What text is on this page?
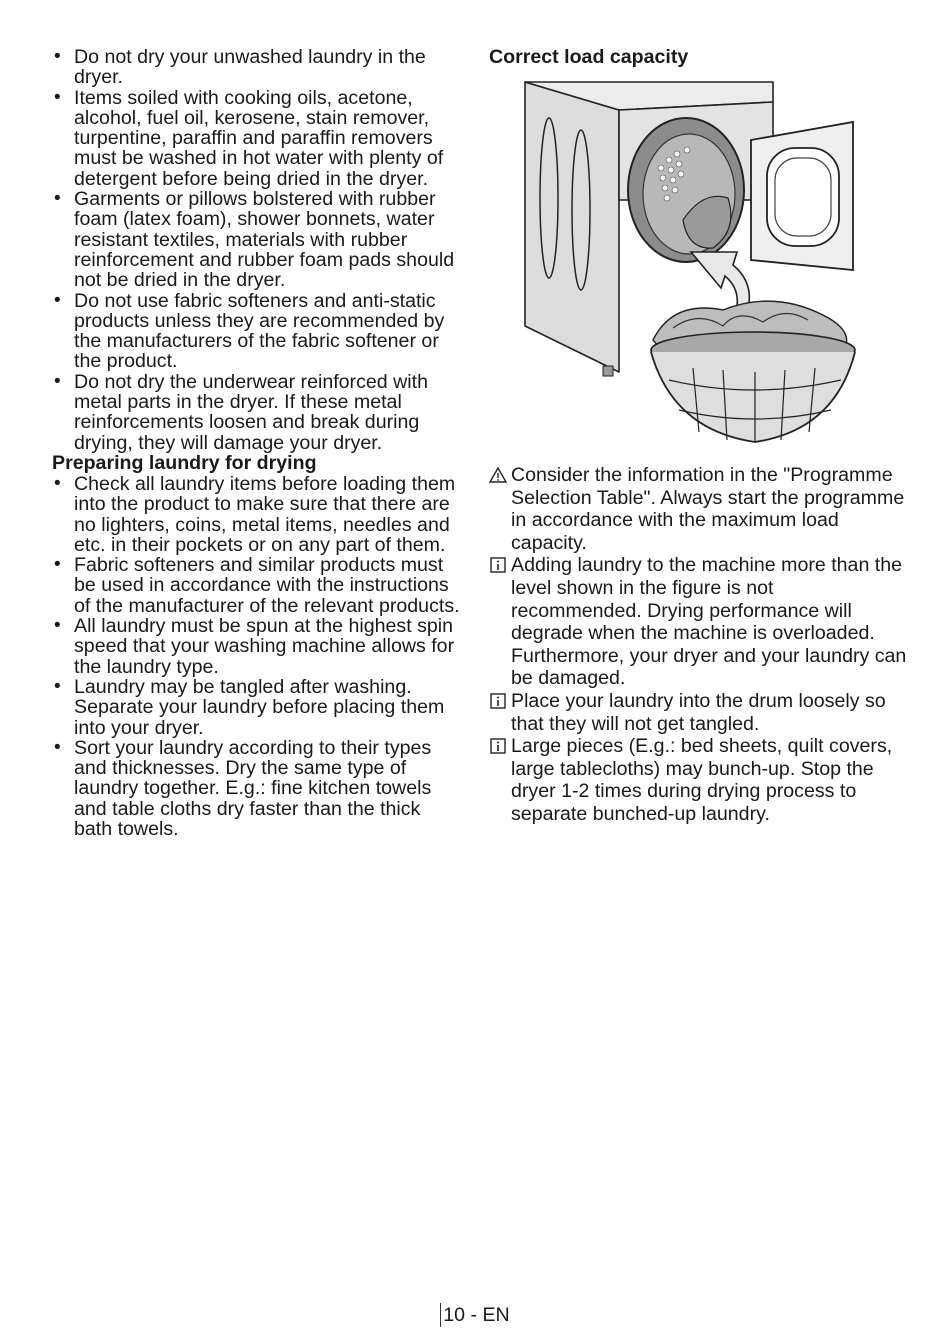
• Do not dry your unwashed laundry in the dryer.
• Items soiled with cooking oils, acetone, alcohol, fuel oil, kerosene, stain remover, turpentine, paraffin and paraffin removers must be washed in hot water with plenty of detergent before being dried in the dryer.
• Garments or pillows bolstered with rubber foam (latex foam), shower bonnets, water resistant textiles, materials with rubber reinforcement and rubber foam pads should not be dried in the dryer.
• Do not use fabric softeners and anti-static products unless they are recommended by the manufacturers of the fabric softener or the product.
• Do not dry the underwear reinforced with metal parts in the dryer. If these metal reinforcements loosen and break during drying, they will damage your dryer.
Preparing laundry for drying
• Check all laundry items before loading them into the product to make sure that there are no lighters, coins, metal items, needles and etc. in their pockets or on any part of them.
• Fabric softeners and similar products must be used in accordance with the instructions of the manufacturer of the relevant products.
• All laundry must be spun at the highest spin speed that your washing machine allows for the laundry type.
• Laundry may be tangled after washing. Separate your laundry before placing them into your dryer.
• Sort your laundry according to their types and thicknesses. Dry the same type of laundry together. E.g.: fine kitchen towels and table cloths dry faster than the thick bath towels.
Correct load capacity

Consider the information in the "Programme Selection Table". Always start the programme in accordance with the maximum load capacity.

Adding laundry to the machine more than the level shown in the figure is not recommended. Drying performance will degrade when the machine is overloaded. Furthermore, your dryer and your laundry can be damaged.

Place your laundry into the drum loosely so that they will not get tangled.

Large pieces (E.g.: bed sheets, quilt covers, large tablecloths) may bunch-up. Stop the dryer 1-2 times during drying process to separate bunched-up laundry.

10 - EN
